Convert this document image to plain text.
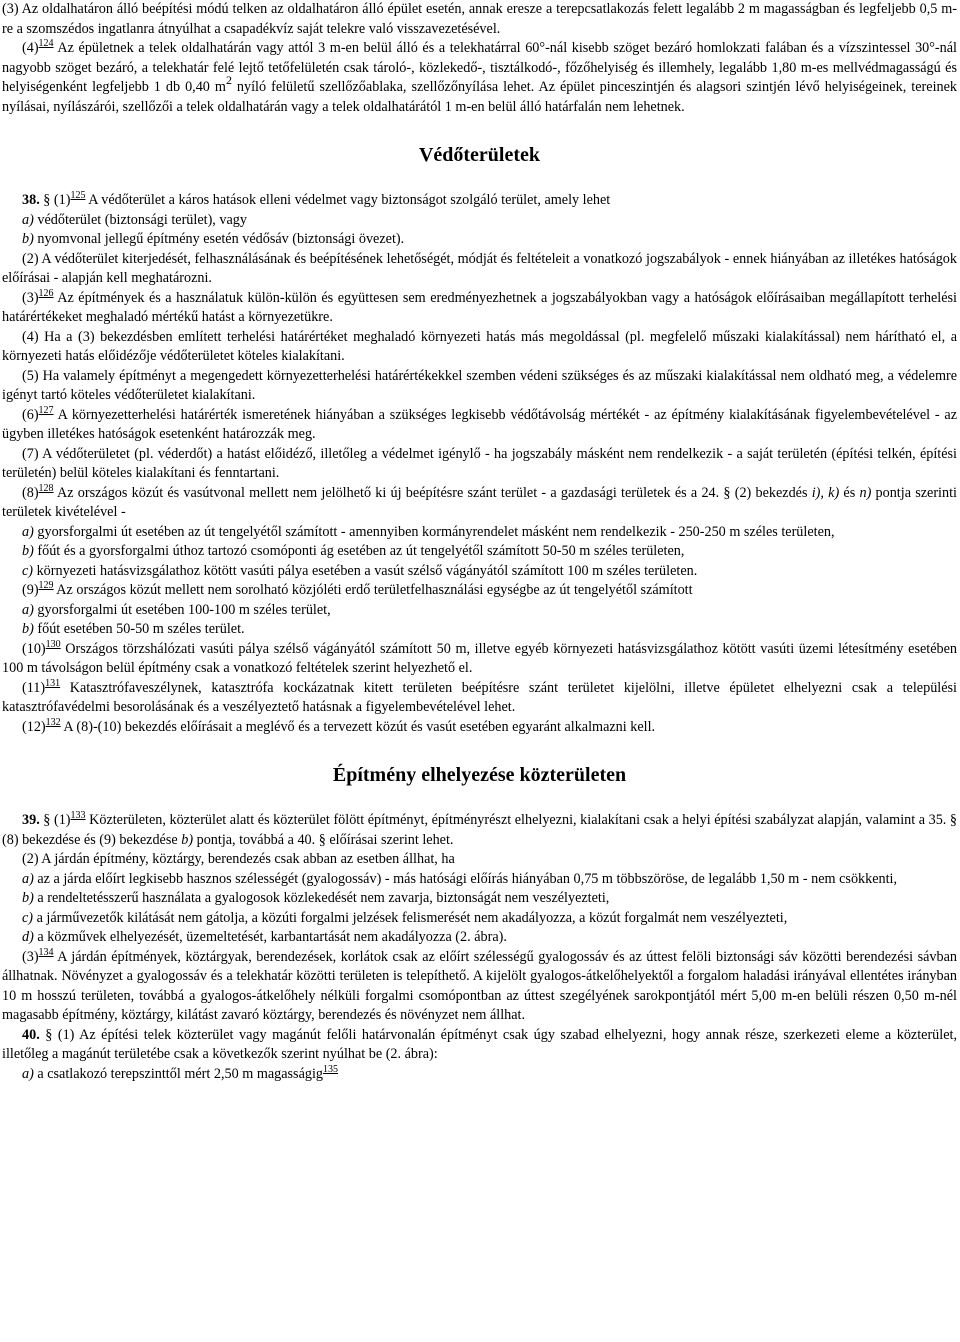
(3) Az oldalhatáron álló beépítési módú telken az oldalhatáron álló épület esetén, annak eresze a terepcsatlakozás felett legalább 2 m magasságban és legfeljebb 0,5 m-re a szomszédos ingatlanra átnyúlhat a csapadékvíz saját telekre való visszavezetésével.

(4)$^{124}$ Az épületnek a telek oldalhatárán vagy attól 3 m-en belül álló és a telekhatárral 60°-nál kisebb szöget bezáró homlokzati falában és a vízszintessel 30°-nál nagyobb szöget bezáró, a telekhatár felé lejtő tetőfelületén csak tároló-, közlekedő-, tisztálkodó-, főzőhelyiség és illemhely, legalább 1,80 m-es mellvédmagasságú és helyiségenként legfeljebb 1 db 0,40 $m^2$ nyíló felületű szellőzőablaka, szellőzőnyílása lehet. Az épület pinceszintjén és alagsori szintjén lévő helyiségeinek, tereinek nyílásai, nyílászárói, szellőzői a telek oldalhatárán vagy a telek oldalhatárától 1 m-en belül álló határfalán nem lehetnek.

Védőterületek

38. § (1)$^{125}$ A védőterület a káros hatások elleni védelmet vagy biztonságot szolgáló terület, amely lehet

a) védőterület (biztonsági terület), vagy

b) nyomvonal jellegű építmény esetén védősáv (biztonsági övezet).

(2) A védőterület kiterjedését, felhasználásának és beépítésének lehetőségét, módját és feltételeit a vonatkozó jogszabályok - ennek hiányában az illetékes hatóságok előírásai - alapján kell meghatározni.

(3)$^{126}$ Az építmények és a használatuk külön-külön és együttesen sem eredményezhetnek a jogszabályokban vagy a hatóságok előírásaiban megállapított terhelési határértékeket meghaladó mértékű hatást a környezetükre.

(4) Ha a (3) bekezdésben említett terhelési határértéket meghaladó környezeti hatás más megoldással (pl. megfelelő műszaki kialakítással) nem hárítható el, a környezeti hatás előidézője védőterületet köteles kialakítani.

(5) Ha valamely építményt a megengedett környezetterhelési határértékekkel szemben védeni szükséges és az műszaki kialakítással nem oldható meg, a védelemre igényt tartó köteles védőterületet kialakítani.

(6)$^{127}$ A környezetterhelési határérték ismeretének hiányában a szükséges legkisebb védőtávolság mértékét - az építmény kialakításának figyelembevételével - az ügyben illetékes hatóságok esetenként határozzák meg.

(7) A védőterületet (pl. véderdőt) a hatást előidéző, illetőleg a védelmet igénylő - ha jogszabály másként nem rendelkezik - a saját területén (építési telkén, építési területén) belül köteles kialakítani és fenntartani.

(8)$^{128}$ Az országos közút és vasútvonal mellett nem jelölhető ki új beépítésre szánt terület - a gazdasági területek és a 24. § (2) bekezdés i), k) és n) pontja szerinti területek kivételével -

a) gyorsforgalmi út esetében az út tengelyétől számított - amennyiben kormányrendelet másként nem rendelkezik - 250-250 m széles területen,

b) főút és a gyorsforgalmi úthoz tartozó csomóponti ág esetében az út tengelyétől számított 50-50 m széles területen,

c) környezeti hatásvizsgálathoz kötött vasúti pálya esetében a vasút szélső vágányától számított 100 m széles területen.

(9)$^{129}$ Az országos közút mellett nem sorolható közjóléti erdő területfelhasználási egységbe az út tengelyétől számított

a) gyorsforgalmi út esetében 100-100 m széles terület,

b) főút esetében 50-50 m széles terület.

(10)$^{130}$ Országos törzshálózati vasúti pálya szélső vágányától számított 50 m, illetve egyéb környezeti hatásvizsgálathoz kötött vasúti üzemi létesítmény esetében 100 m távolságon belül építmény csak a vonatkozó feltételek szerint helyezhető el.

(11)$^{131}$ Katasztrófaveszélynek, katasztrófa kockázatnak kitett területen beépítésre szánt területet kijelölni, illetve épületet elhelyezni csak a települési katasztrófavédelmi besorolásának és a veszélyeztető hatásnak a figyelembevételével lehet.

(12)$^{132}$ A (8)-(10) bekezdés előírásait a meglévő és a tervezett közút és vasút esetében egyaránt alkalmazni kell.

Építmény elhelyezése közterületen

39. § (1)$^{133}$ Közterületen, közterület alatt és közterület fölött építményt, építményrészt elhelyezni, kialakítani csak a helyi építési szabályzat alapján, valamint a 35. § (8) bekezdése és (9) bekezdése b) pontja, továbbá a 40. § előírásai szerint lehet.

(2) A járdán építmény, köztárgy, berendezés csak abban az esetben állhat, ha

a) az a járda előírt legkisebb hasznos szélességét (gyalogossáv) - más hatósági előírás hiányában 0,75 m többszöröse, de legalább 1,50 m - nem csökkenti,

b) a rendeltetésszerű használata a gyalogosok közlekedését nem zavarja, biztonságát nem veszélyezteti,

c) a járművezetők kilátását nem gátolja, a közúti forgalmi jelzések felismerését nem akadályozza, a közút forgalmát nem veszélyezteti,

d) a közművek elhelyezését, üzemeltetését, karbantartását nem akadályozza (2. ábra).

(3)$^{134}$ A járdán építmények, köztárgyak, berendezések, korlátok csak az előírt szélességű gyalogossáv és az úttest felöli biztonsági sáv közötti berendezési sávban állhatnak. Növényzet a gyalogossáv és a telekhatár közötti területen is telepíthető. A kijelölt gyalogos-átkelőhelyektől a forgalom haladási irányával ellentétes irányban 10 m hosszú területen, továbbá a gyalogos-átkelőhely nélküli forgalmi csomópontban az úttest szegélyének sarokpontjától mért 5,00 m-en belüli részen 0,50 m-nél magasabb építmény, köztárgy, kilátást zavaró köztárgy, berendezés és növényzet nem állhat.

40. § (1) Az építési telek közterület vagy magánút felőli határvonalán építményt csak úgy szabad elhelyezni, hogy annak része, szerkezeti eleme a közterület, illetőleg a magánút területébe csak a következők szerint nyúlhat be (2. ábra):

a) a csatlakozó terepszinttől mért 2,50 m magasságig$^{135}$
